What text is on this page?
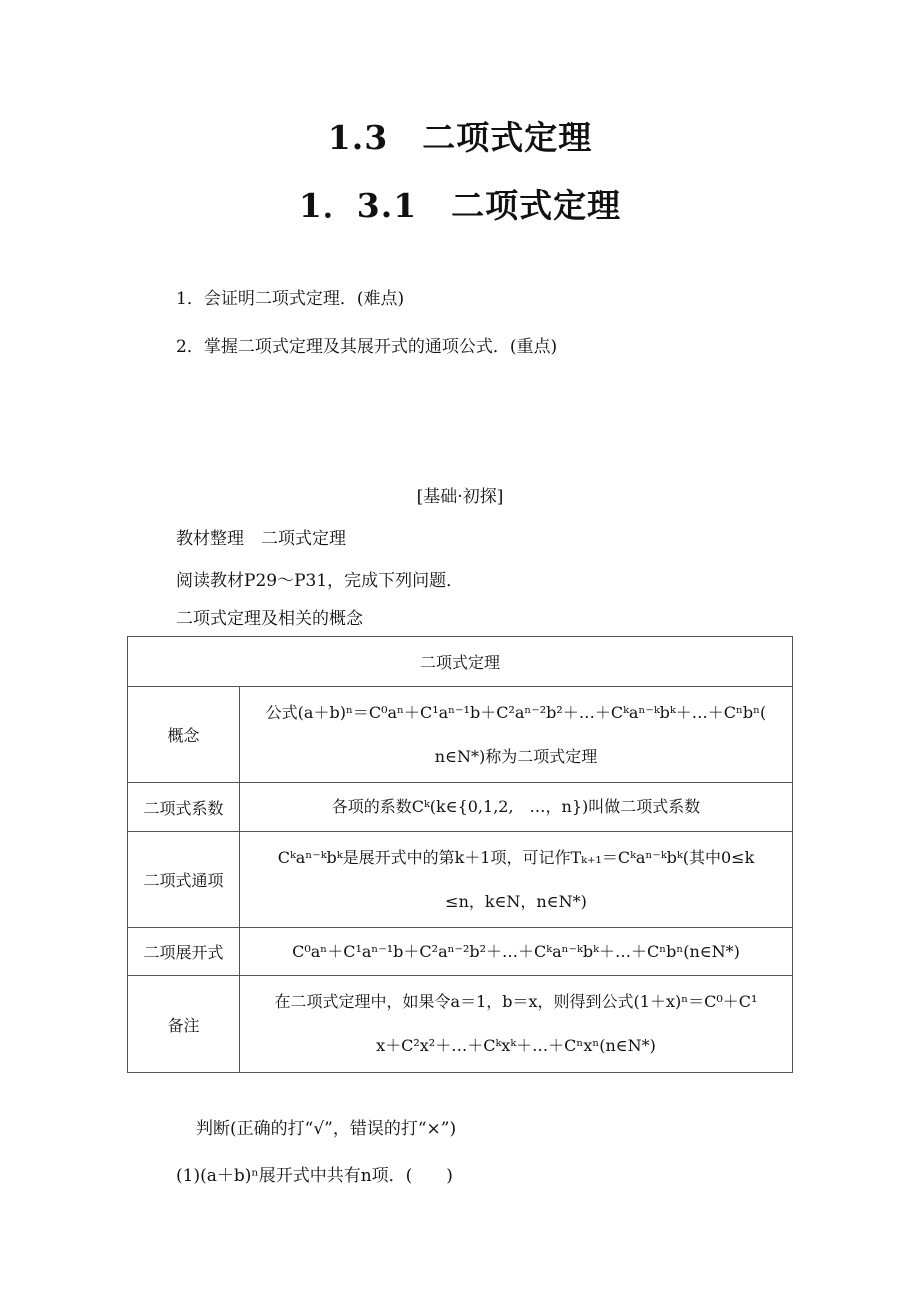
1.3　二项式定理
1．3.1　二项式定理
1．会证明二项式定理．(难点)
2．掌握二项式定理及其展开式的通项公式．(重点)
[基础·初探]
教材整理　二项式定理
阅读教材P29～P31，完成下列问题．
二项式定理及相关的概念
二项式定理	
概念	公式(a＋b)ⁿ＝C⁰aⁿ＋C¹aⁿ⁻¹b＋C²aⁿ⁻²b²＋…＋Cᵏaⁿ⁻ᵏbᵏ＋…＋Cⁿbⁿ(
n∈N*)称为二项式定理

二项式系数	各项的系数Cᵏ(k∈{0,1,2,　…，n})叫做二项式系数

二项式通项	Cᵏaⁿ⁻ᵏbᵏ是展开式中的第k＋1项，可记作Tₖ₊₁＝Cᵏaⁿ⁻ᵏbᵏ(其中0≤k
≤n，k∈N，n∈N*)

二项展开式	C⁰aⁿ＋C¹aⁿ⁻¹b＋C²aⁿ⁻²b²＋…＋Cᵏaⁿ⁻ᵏbᵏ＋…＋Cⁿbⁿ(n∈N*)

备注	在二项式定理中，如果令a＝1，b＝x，则得到公式(1＋x)ⁿ＝C⁰＋C¹
x＋C²x²＋…＋Cᵏxᵏ＋…＋Cⁿxⁿ(n∈N*)
判断(正确的打“√”，错误的打“×”)
(1)(a＋b)ⁿ展开式中共有n项．(　　)
